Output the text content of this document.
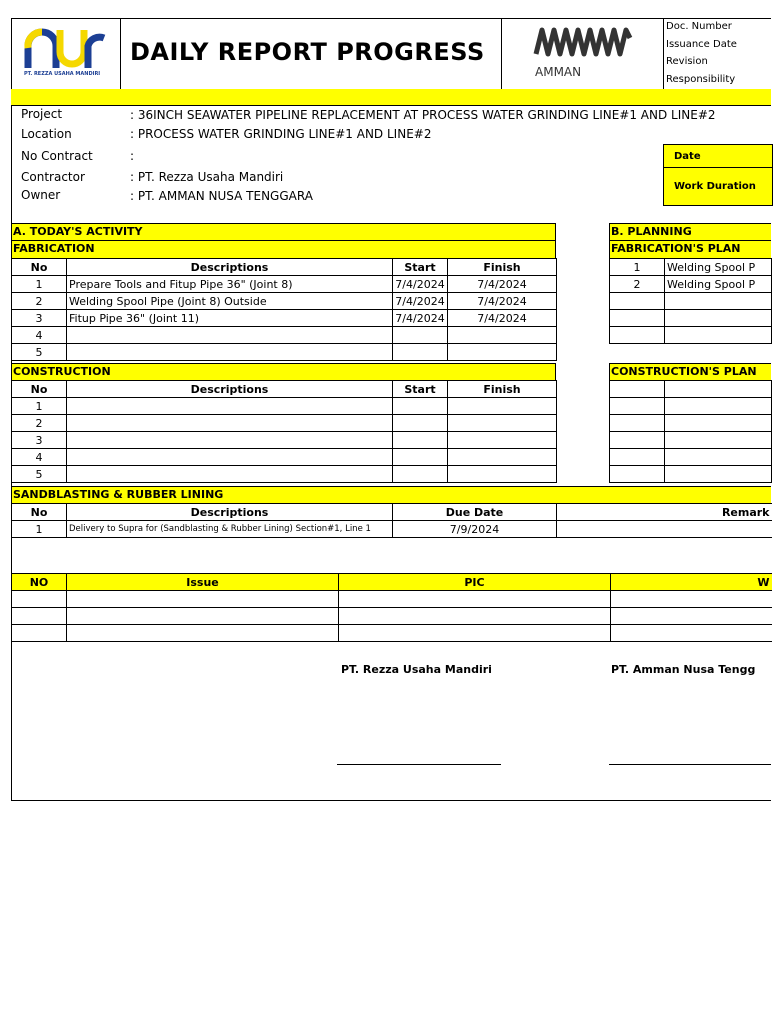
PT. REZZA USAHA MANDIRI
DAILY REPORT PROGRESS
AMMAN
Doc. Number
Issuance Date
Revision
Responsibility
Project	: 36INCH SEAWATER PIPELINE REPLACEMENT AT PROCESS WATER GRINDING LINE#1 AND LINE#2
Location	: PROCESS WATER GRINDING LINE#1 AND LINE#2
No Contract	:
Contractor	: PT. Rezza Usaha Mandiri
Owner	: PT. AMMAN NUSA TENGGARA
Date
Work Duration
A. TODAY'S ACTIVITY
FABRICATION
No	Descriptions	Start	Finish
1	Prepare Tools and Fitup Pipe 36" (Joint 8)	7/4/2024	7/4/2024
2	Welding Spool Pipe (Joint 8) Outside	7/4/2024	7/4/2024
3	Fitup Pipe 36" (Joint 11)	7/4/2024	7/4/2024
4			
5			
CONSTRUCTION
No	Descriptions	Start	Finish
1			
2			
3			
4			
5			
B. PLANNING
FABRICATION'S PLAN
1	Welding Spool P
2	Welding Spool P

CONSTRUCTION'S PLAN

SANDBLASTING & RUBBER LINING
No	Descriptions	Due Date	Remark
1	Delivery to Supra for (Sandblasting & Rubber Lining) Section#1, Line 1	7/9/2024	
NO	Issue	PIC	W

PT. Rezza Usaha Mandiri	PT. Amman Nusa Tengg
